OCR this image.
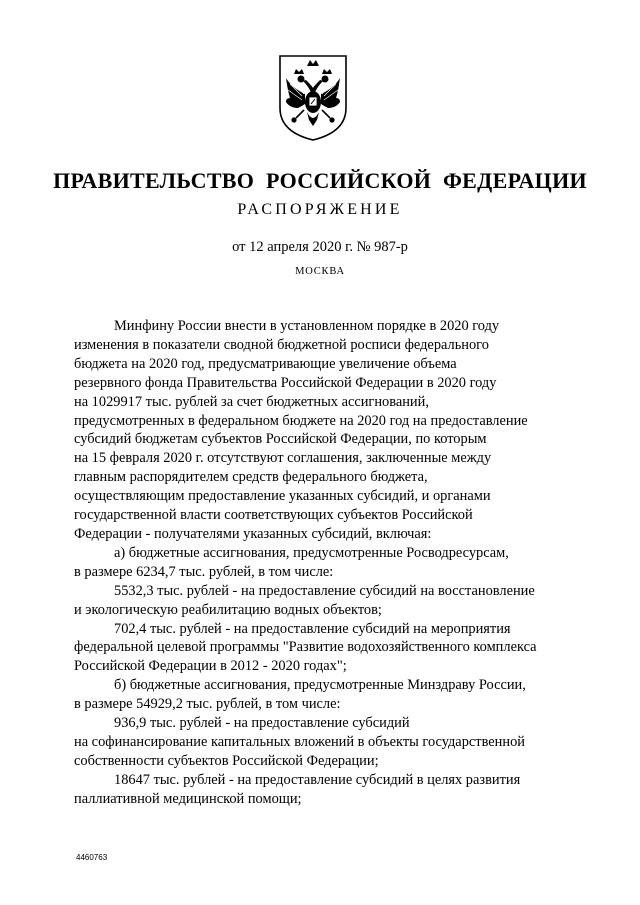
ПРАВИТЕЛЬСТВО РОССИЙСКОЙ ФЕДЕРАЦИИ
РАСПОРЯЖЕНИЕ
от 12 апреля 2020 г. № 987-р
МОСКВА

Минфину России внести в установленном порядке в 2020 году
изменения в показатели сводной бюджетной росписи федерального
бюджета на 2020 год, предусматривающие увеличение объема
резервного фонда Правительства Российской Федерации в 2020 году
на 1029917 тыс. рублей за счет бюджетных ассигнований,
предусмотренных в федеральном бюджете на 2020 год на предоставление
субсидий бюджетам субъектов Российской Федерации, по которым
на 15 февраля 2020 г. отсутствуют соглашения, заключенные между
главным распорядителем средств федерального бюджета,
осуществляющим предоставление указанных субсидий, и органами
государственной власти соответствующих субъектов Российской
Федерации - получателями указанных субсидий, включая:

а) бюджетные ассигнования, предусмотренные Росводресурсам,
в размере 6234,7 тыс. рублей, в том числе:

5532,3 тыс. рублей - на предоставление субсидий на восстановление
и экологическую реабилитацию водных объектов;

702,4 тыс. рублей - на предоставление субсидий на мероприятия
федеральной целевой программы "Развитие водохозяйственного комплекса
Российской Федерации в 2012 - 2020 годах";

б) бюджетные ассигнования, предусмотренные Минздраву России,
в размере 54929,2 тыс. рублей, в том числе:

936,9 тыс. рублей - на предоставление субсидий
на софинансирование капитальных вложений в объекты государственной
собственности субъектов Российской Федерации;

18647 тыс. рублей - на предоставление субсидий в целях развития
паллиативной медицинской помощи;

4460763
